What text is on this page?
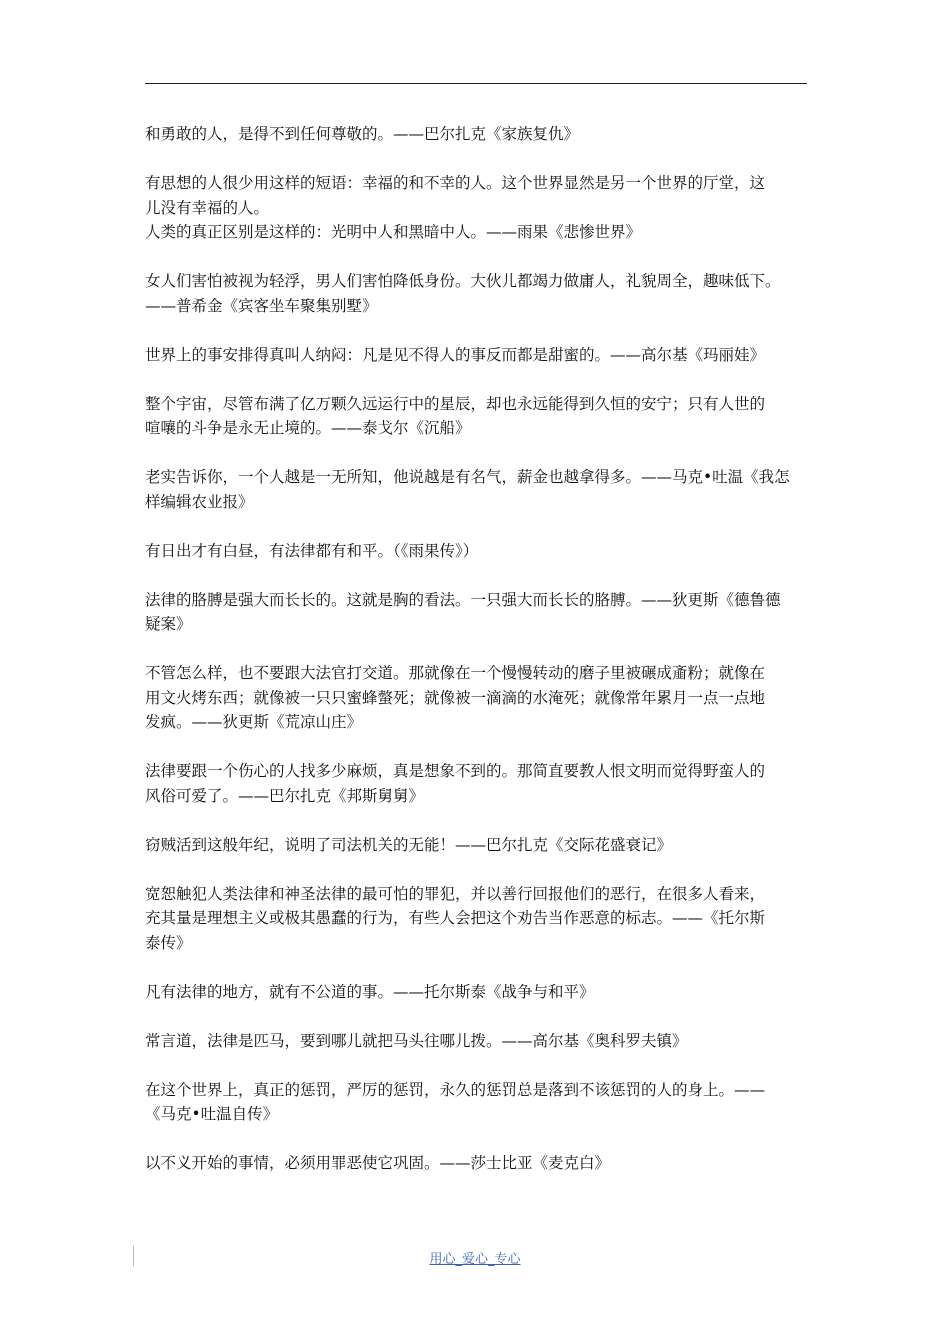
和勇敢的人，是得不到任何尊敬的。——巴尔扎克《家族复仇》

有思想的人很少用这样的短语：幸福的和不幸的人。这个世界显然是另一个世界的厅堂，这
儿没有幸福的人。

人类的真正区别是这样的：光明中人和黑暗中人。——雨果《悲惨世界》

女人们害怕被视为轻浮，男人们害怕降低身份。大伙儿都竭力做庸人，礼貌周全，趣味低下。
——普希金《宾客坐车聚集别墅》

世界上的事安排得真叫人纳闷：凡是见不得人的事反而都是甜蜜的。——高尔基《玛丽娃》

整个宇宙，尽管布满了亿万颗久远运行中的星辰，却也永远能得到久恒的安宁；只有人世的
喧嚷的斗争是永无止境的。——泰戈尔《沉船》

老实告诉你，一个人越是一无所知，他说越是有名气，薪金也越拿得多。——马克•吐温《我怎
样编辑农业报》

有日出才有白昼，有法律都有和平。（《雨果传》）

法律的胳膊是强大而长长的。这就是胸的看法。一只强大而长长的胳膊。——狄更斯《德鲁德
疑案》

不管怎么样，也不要跟大法官打交道。那就像在一个慢慢转动的磨子里被碾成齑粉；就像在
用文火烤东西；就像被一只只蜜蜂螫死；就像被一滴滴的水淹死；就像常年累月一点一点地
发疯。——狄更斯《荒凉山庄》

法律要跟一个伤心的人找多少麻烦，真是想象不到的。那简直要教人恨文明而觉得野蛮人的
风俗可爱了。——巴尔扎克《邦斯舅舅》

窃贼活到这般年纪，说明了司法机关的无能！——巴尔扎克《交际花盛衰记》

宽恕触犯人类法律和神圣法律的最可怕的罪犯，并以善行回报他们的恶行，在很多人看来，
充其量是理想主义或极其愚蠢的行为，有些人会把这个劝告当作恶意的标志。——《托尔斯
泰传》

凡有法律的地方，就有不公道的事。——托尔斯泰《战争与和平》

常言道，法律是匹马，要到哪儿就把马头往哪儿拨。——高尔基《奥科罗夫镇》

在这个世界上，真正的惩罚，严厉的惩罚，永久的惩罚总是落到不该惩罚的人的身上。——
《马克•吐温自传》

以不义开始的事情，必须用罪恶使它巩固。——莎士比亚《麦克白》

用心_爱心_专心
